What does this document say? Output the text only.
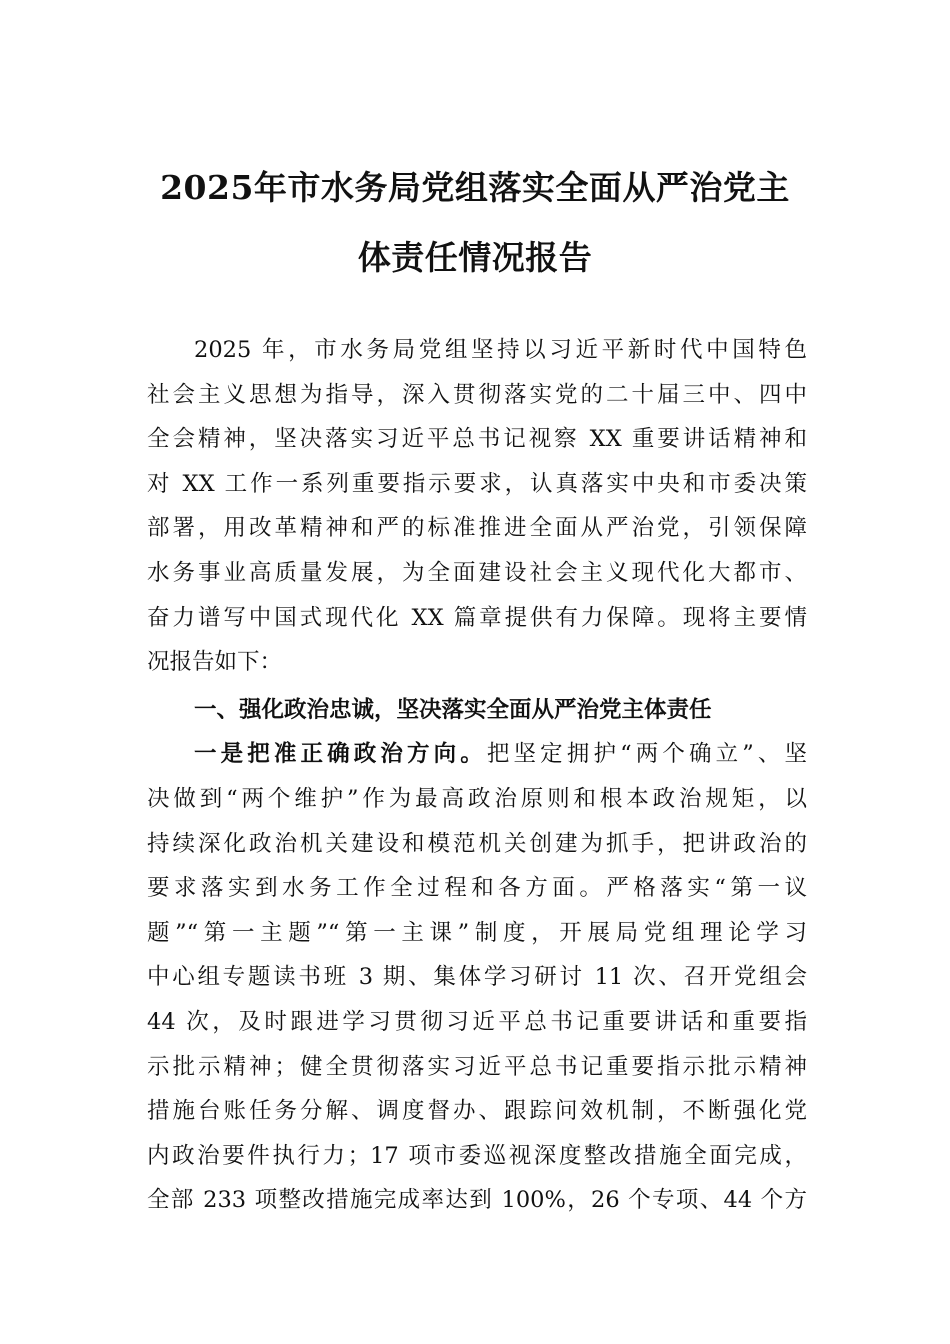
2025年市水务局党组落实全面从严治党主
体责任情况报告
2025 年，市水务局党组坚持以习近平新时代中国特色
社会主义思想为指导，深入贯彻落实党的二十届三中、四中
全会精神，坚决落实习近平总书记视察 XX 重要讲话精神和
对 XX 工作一系列重要指示要求，认真落实中央和市委决策
部署，用改革精神和严的标准推进全面从严治党，引领保障
水务事业高质量发展，为全面建设社会主义现代化大都市、
奋力谱写中国式现代化 XX 篇章提供有力保障。现将主要情
况报告如下：
一、强化政治忠诚，坚决落实全面从严治党主体责任
一是把准正确政治方向。把坚定拥护“两个确立”、坚
决做到“两个维护”作为最高政治原则和根本政治规矩，以
持续深化政治机关建设和模范机关创建为抓手，把讲政治的
要求落实到水务工作全过程和各方面。严格落实“第一议
题”“第一主题”“第一主课”制度，开展局党组理论学习
中心组专题读书班 3 期、集体学习研讨 11 次、召开党组会
44 次，及时跟进学习贯彻习近平总书记重要讲话和重要指
示批示精神；健全贯彻落实习近平总书记重要指示批示精神
措施台账任务分解、调度督办、跟踪问效机制，不断强化党
内政治要件执行力；17 项市委巡视深度整改措施全面完成，
全部 233 项整改措施完成率达到 100%，26 个专项、44 个方
